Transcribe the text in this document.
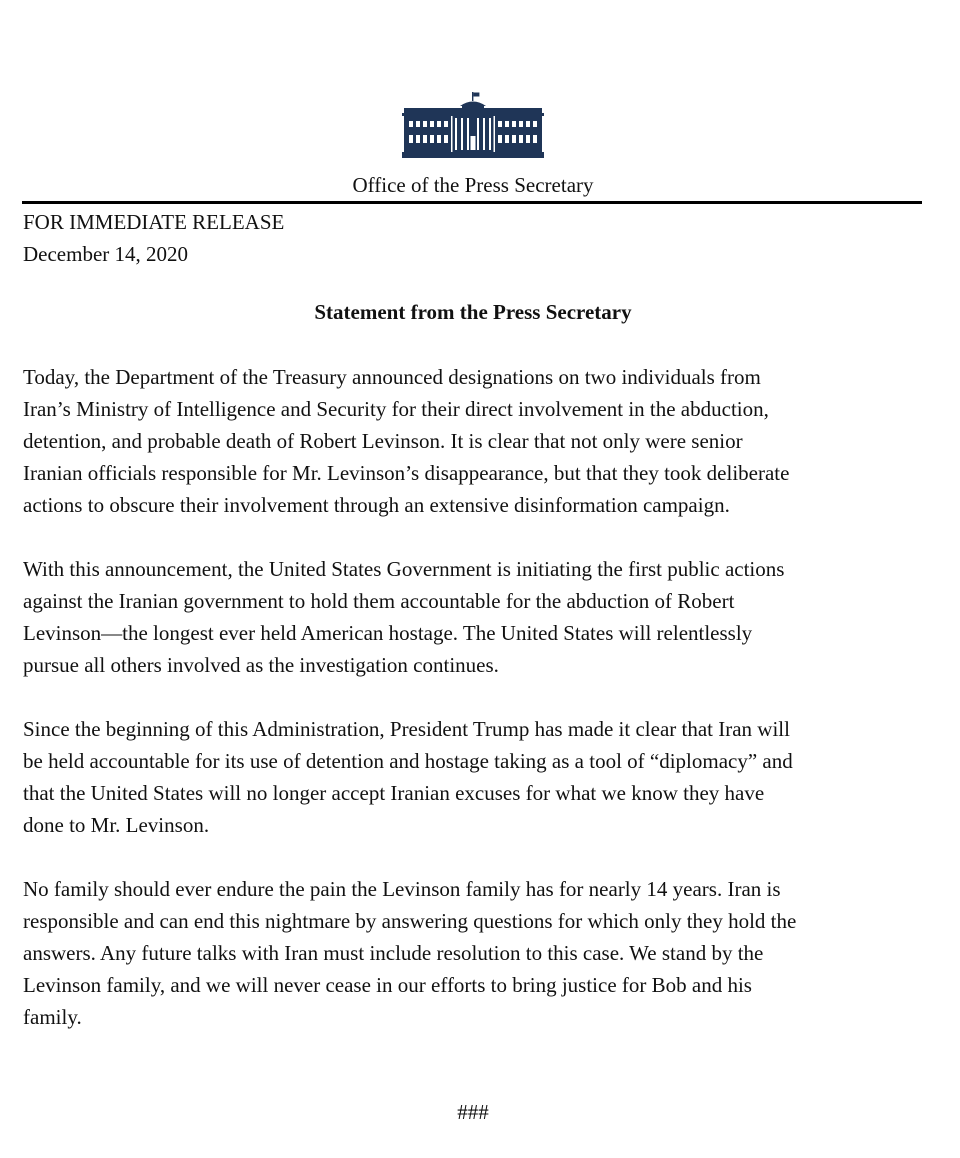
Office of the Press Secretary
FOR IMMEDIATE RELEASE
December 14, 2020
Statement from the Press Secretary
Today, the Department of the Treasury announced designations on two individuals from
Iran’s Ministry of Intelligence and Security for their direct involvement in the abduction,
detention, and probable death of Robert Levinson. It is clear that not only were senior
Iranian officials responsible for Mr. Levinson’s disappearance, but that they took deliberate
actions to obscure their involvement through an extensive disinformation campaign.
With this announcement, the United States Government is initiating the first public actions
against the Iranian government to hold them accountable for the abduction of Robert
Levinson—the longest ever held American hostage. The United States will relentlessly
pursue all others involved as the investigation continues.
Since the beginning of this Administration, President Trump has made it clear that Iran will
be held accountable for its use of detention and hostage taking as a tool of “diplomacy” and
that the United States will no longer accept Iranian excuses for what we know they have
done to Mr. Levinson.
No family should ever endure the pain the Levinson family has for nearly 14 years. Iran is
responsible and can end this nightmare by answering questions for which only they hold the
answers. Any future talks with Iran must include resolution to this case. We stand by the
Levinson family, and we will never cease in our efforts to bring justice for Bob and his
family.
###
